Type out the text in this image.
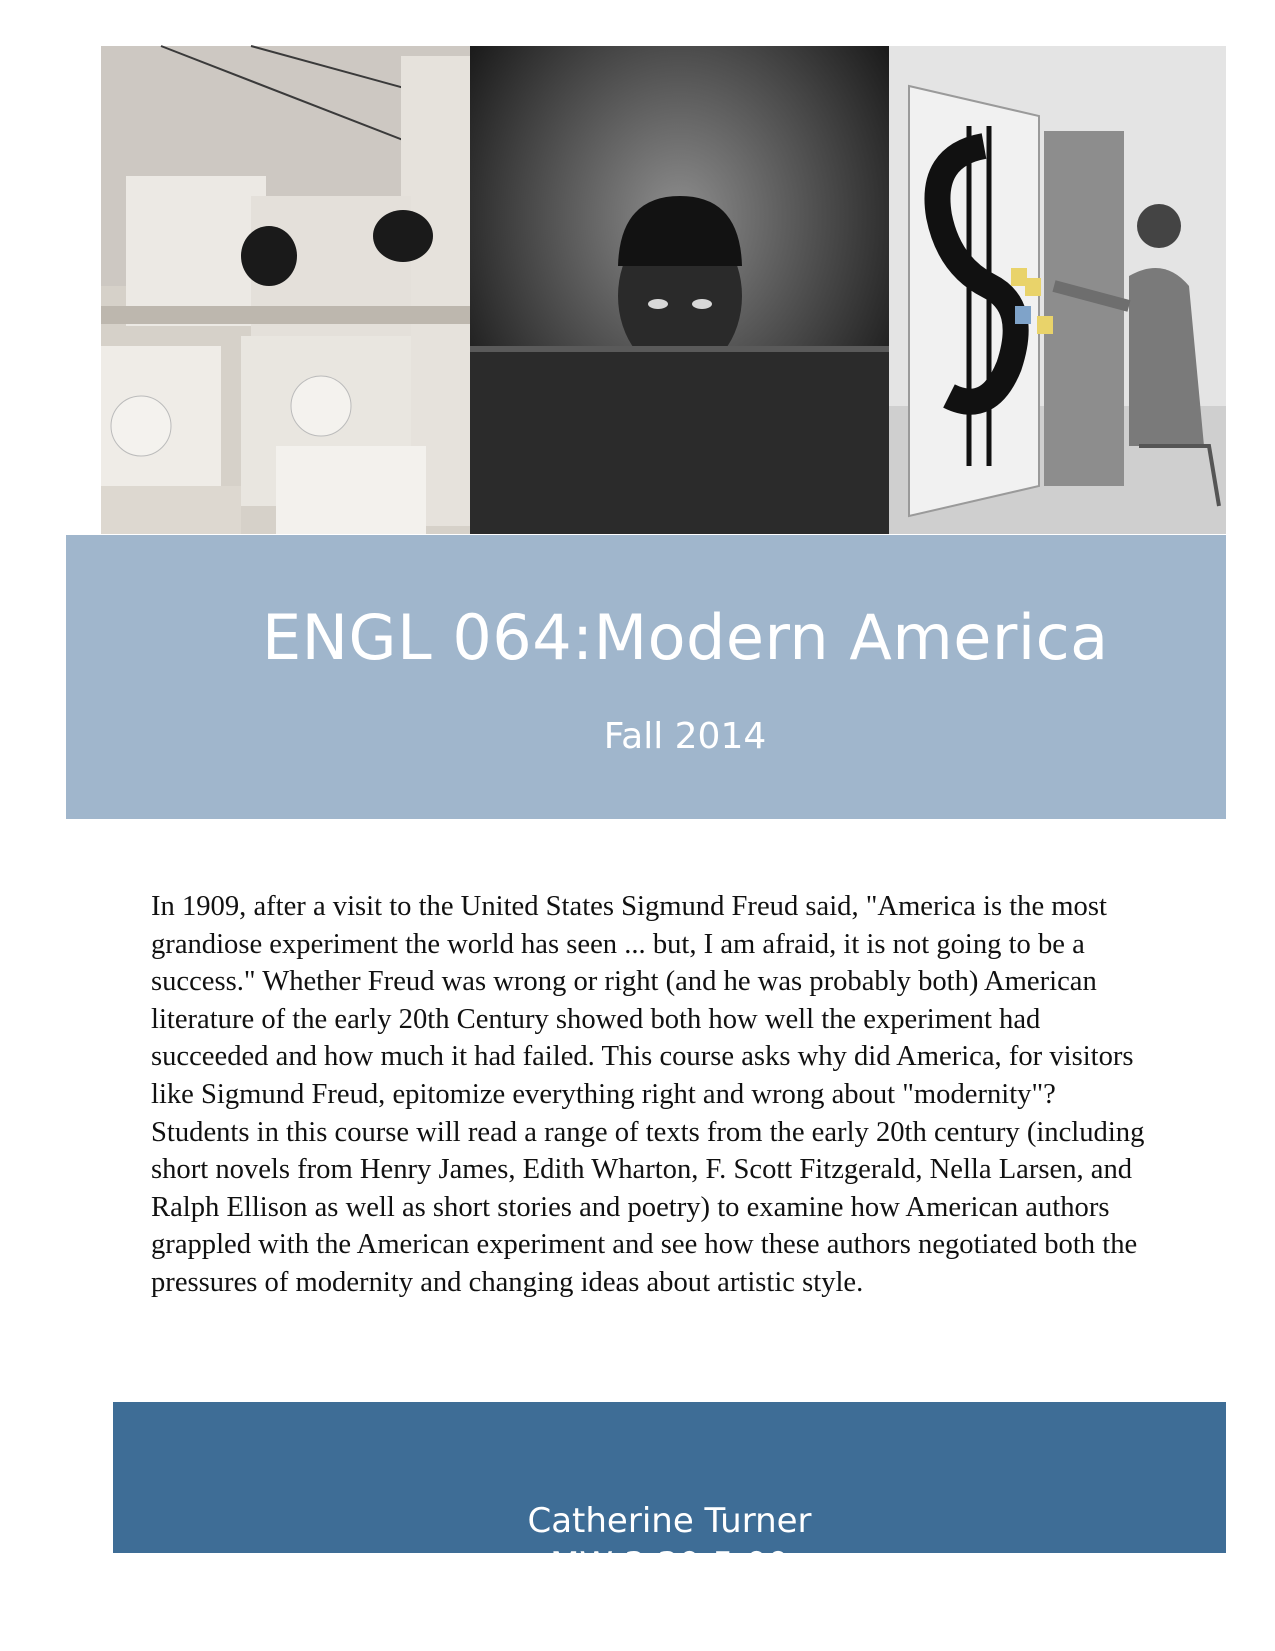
ENGL 064:Modern America
Fall 2014

In 1909, after a visit to the United States Sigmund Freud said, "America is the most grandiose experiment the world has seen ... but, I am afraid, it is not going to be a success." Whether Freud was wrong or right (and he was probably both) American literature of the early 20th Century showed both how well the experiment had succeeded and how much it had failed. This course asks why did America, for visitors like Sigmund Freud, epitomize everything right and wrong about "modernity"? Students in this course will read a range of texts from the early 20th century (including short novels from Henry James, Edith Wharton, F. Scott Fitzgerald, Nella Larsen, and Ralph Ellison as well as short stories and poetry) to examine how American authors grappled with the American experiment and see how these authors negotiated both the pressures of modernity and changing ideas about artistic style.

Catherine Turner
MW 3:30-5:00
